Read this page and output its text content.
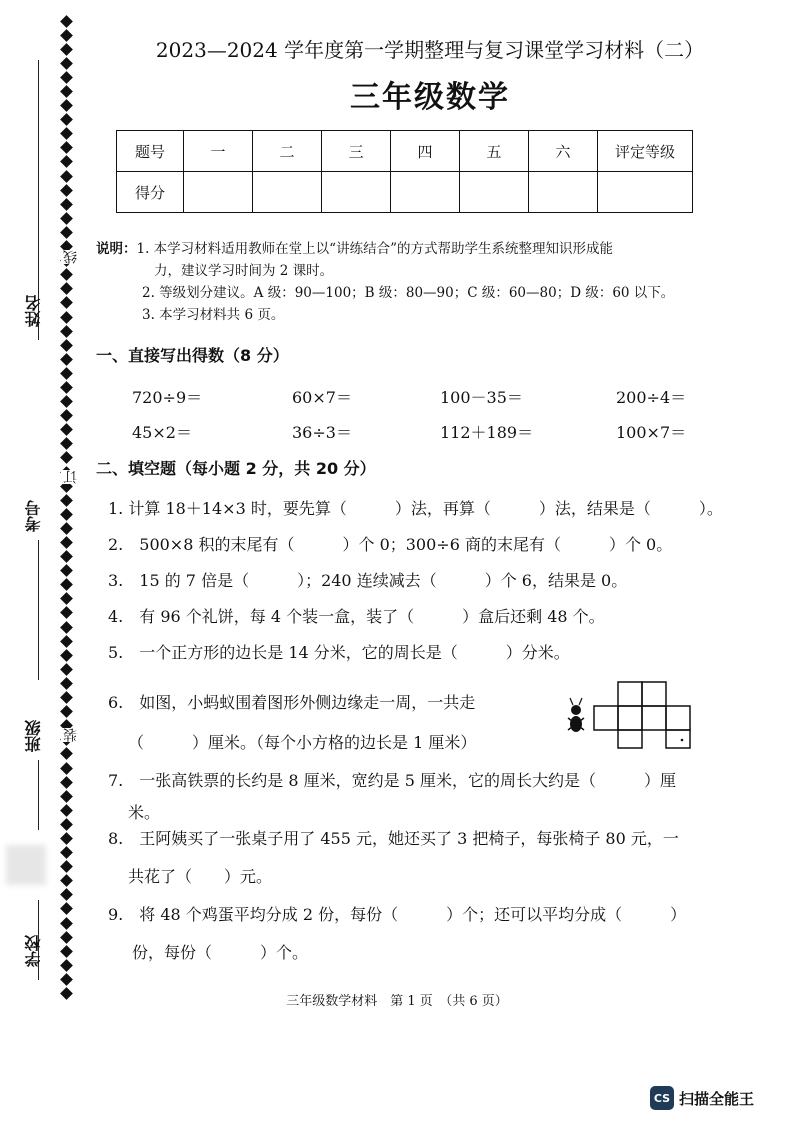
姓名
考号
班级
学校
线
订
装
2023—2024 学年度第一学期整理与复习课堂学习材料（二）
三年级数学
题号	一	二	三	四	五	六	评定等级
得分							
说明：1. 本学习材料适用教师在堂上以“讲练结合”的方式帮助学生系统整理知识形成能
力，建议学习时间为 2 课时。
2. 等级划分建议。A 级：90—100；B 级：80—90；C 级：60—80；D 级：60 以下。
3. 本学习材料共 6 页。
一、直接写出得数（8 分）
720÷9＝	60×7＝	100－35＝	200÷4＝
45×2＝	36÷3＝	112＋189＝	100×7＝
二、填空题（每小题 2 分，共 20 分）
1. 计算 18＋14×3 时，要先算（　　　）法，再算（　　　）法，结果是（　　　）。
2.　500×8 积的末尾有（　　　）个 0；300÷6 商的末尾有（　　　）个 0。
3.　15 的 7 倍是（　　　）；240 连续减去（　　　）个 6，结果是 0。
4.　有 96 个礼饼，每 4 个装一盒，装了（　　　）盒后还剩 48 个。
5.　一个正方形的边长是 14 分米，它的周长是（　　　）分米。
6.　如图，小蚂蚁围着图形外侧边缘走一周，一共走
（　　　）厘米。（每个小方格的边长是 1 厘米）
7.　一张高铁票的长约是 8 厘米，宽约是 5 厘米，它的周长大约是（　　　）厘
米。
8.　王阿姨买了一张桌子用了 455 元，她还买了 3 把椅子，每张椅子 80 元，一
共花了（　　）元。
9.　将 48 个鸡蛋平均分成 2 份，每份（　　　）个；还可以平均分成（　　　）
份，每份（　　　）个。
三年级数学材料　第 1 页　（共 6 页）
CS 扫描全能王
